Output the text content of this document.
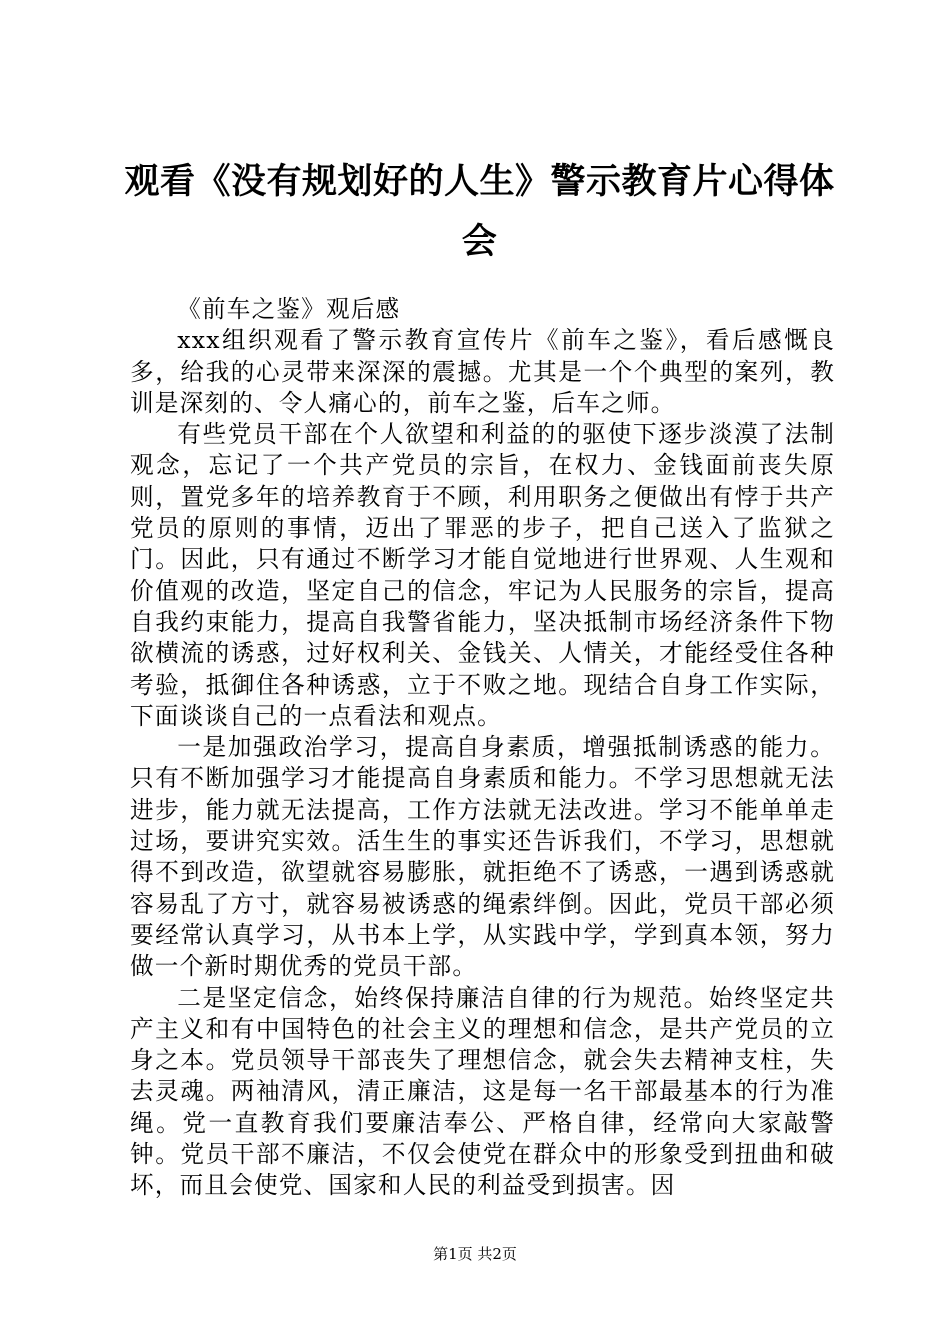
观看《没有规划好的人生》警示教育片心得体会

《前车之鉴》观后感

xxx组织观看了警示教育宣传片《前车之鉴》，看后感慨良多，给我的心灵带来深深的震撼。尤其是一个个典型的案列，教训是深刻的、令人痛心的，前车之鉴，后车之师。

有些党员干部在个人欲望和利益的的驱使下逐步淡漠了法制观念，忘记了一个共产党员的宗旨，在权力、金钱面前丧失原则，置党多年的培养教育于不顾，利用职务之便做出有悖于共产党员的原则的事情，迈出了罪恶的步子，把自己送入了监狱之门。因此，只有通过不断学习才能自觉地进行世界观、人生观和价值观的改造，坚定自己的信念，牢记为人民服务的宗旨，提高自我约束能力，提高自我警省能力，坚决抵制市场经济条件下物欲横流的诱惑，过好权利关、金钱关、人情关，才能经受住各种考验，抵御住各种诱惑，立于不败之地。现结合自身工作实际，下面谈谈自己的一点看法和观点。

一是加强政治学习，提高自身素质，增强抵制诱惑的能力。只有不断加强学习才能提高自身素质和能力。不学习思想就无法进步，能力就无法提高，工作方法就无法改进。学习不能单单走过场，要讲究实效。活生生的事实还告诉我们，不学习，思想就得不到改造，欲望就容易膨胀，就拒绝不了诱惑，一遇到诱惑就容易乱了方寸，就容易被诱惑的绳索绊倒。因此，党员干部必须要经常认真学习，从书本上学，从实践中学，学到真本领，努力做一个新时期优秀的党员干部。

二是坚定信念，始终保持廉洁自律的行为规范。始终坚定共产主义和有中国特色的社会主义的理想和信念，是共产党员的立身之本。党员领导干部丧失了理想信念，就会失去精神支柱，失去灵魂。两袖清风，清正廉洁，这是每一名干部最基本的行为准绳。党一直教育我们要廉洁奉公、严格自律，经常向大家敲警钟。党员干部不廉洁，不仅会使党在群众中的形象受到扭曲和破坏，而且会使党、国家和人民的利益受到损害。因

第1页 共2页
